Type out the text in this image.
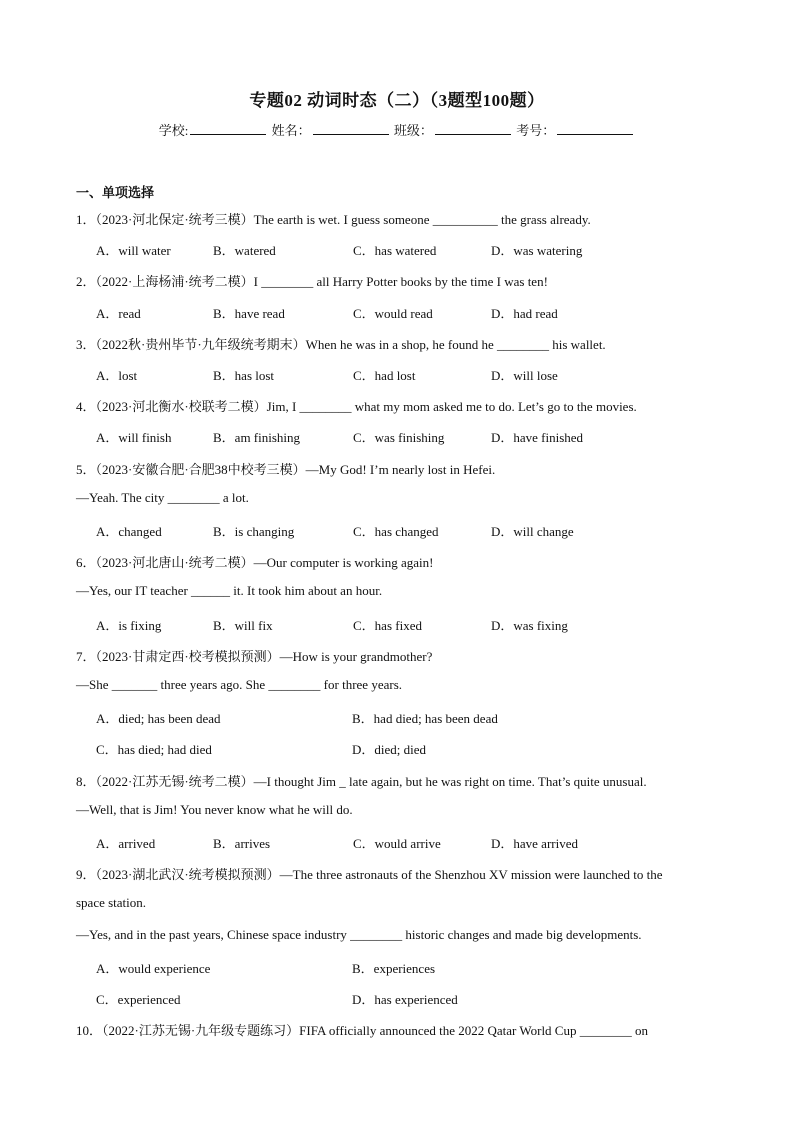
专题02 动词时态（二）（3题型100题）
学校:	姓名：	班级：	考号：
一、单项选择
1．（2023·河北保定·统考三模）The earth is wet. I guess someone __________ the grass already.
A．will water	B．watered	C．has watered	D．was watering
2．（2022·上海杨浦·统考二模）I ________ all Harry Potter books by the time I was ten!
A．read	B．have read	C．would read	D．had read
3．（2022秋·贵州毕节·九年级统考期末）When he was in a shop, he found he ________ his wallet.
A．lost	B．has lost	C．had lost	D．will lose
4．（2023·河北衡水·校联考二模）Jim, I ________ what my mom asked me to do. Let’s go to the movies.
A．will finish	B．am finishing	C．was finishing	D．have finished
5．（2023·安徽合肥·合肥38中校考三模）—My God! I’m nearly lost in Hefei.
—Yeah. The city ________ a lot.
A．changed	B．is changing	C．has changed	D．will change
6．（2023·河北唐山·统考二模）—Our computer is working again!
—Yes, our IT teacher ______ it. It took him about an hour.
A．is fixing	B．will fix	C．has fixed	D．was fixing
7．（2023·甘肃定西·校考模拟预测）—How is your grandmother?
—She _______ three years ago. She ________ for three years.
A．died; has been dead	B．had died; has been dead
C．has died; had died	D．died; died
8．（2022·江苏无锡·统考二模）—I thought Jim _ late again, but he was right on time. That’s quite unusual.
—Well, that is Jim! You never know what he will do.
A．arrived	B．arrives	C．would arrive	D．have arrived
9．（2023·湖北武汉·统考模拟预测）—The three astronauts of the Shenzhou XV mission were launched to the
space station.
—Yes, and in the past years, Chinese space industry ________ historic changes and made big developments.
A．would experience	B．experiences
C．experienced	D．has experienced
10．（2022·江苏无锡·九年级专题练习）FIFA officially announced the 2022 Qatar World Cup ________ on
